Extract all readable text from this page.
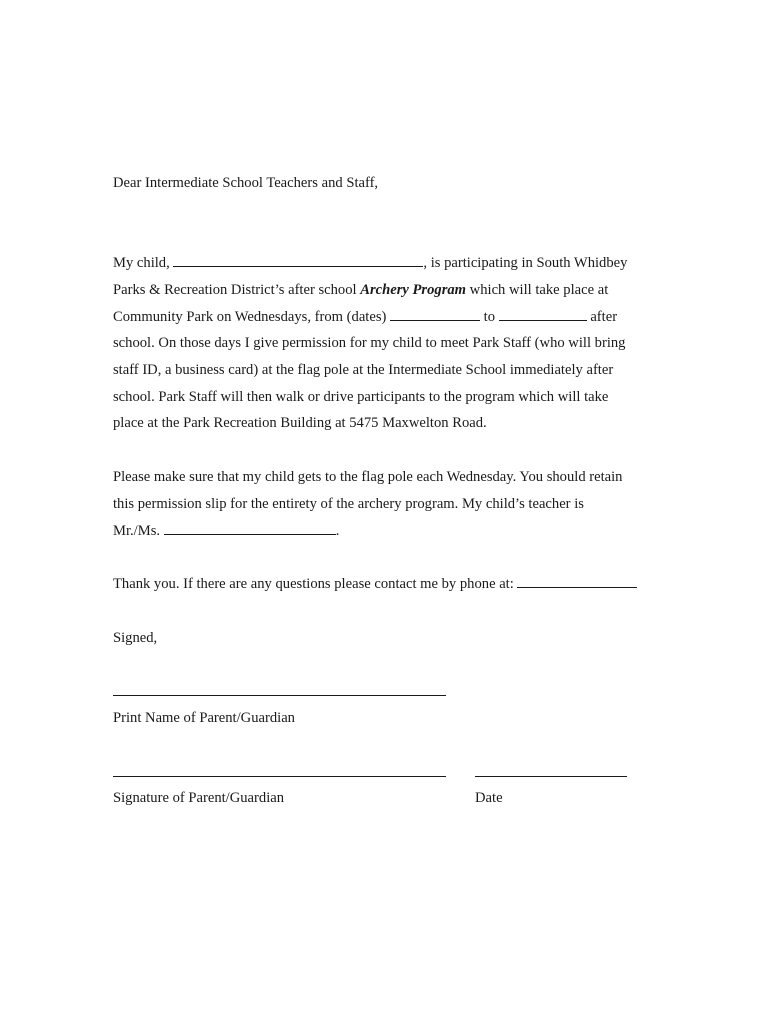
Dear Intermediate School Teachers and Staff,
My child,	, is participating in South Whidbey
Parks & Recreation District’s after school Archery Program which will take place at
Community Park on Wednesdays, from (dates)	to	after
school. On those days I give permission for my child to meet Park Staff (who will bring
staff ID, a business card) at the flag pole at the Intermediate School immediately after
school. Park Staff will then walk or drive participants to the program which will take
place at the Park Recreation Building at 5475 Maxwelton Road.
Please make sure that my child gets to the flag pole each Wednesday. You should retain
this permission slip for the entirety of the archery program. My child’s teacher is
Mr./Ms.	.
Thank you. If there are any questions please contact me by phone at:
Signed,
Print Name of Parent/Guardian
Signature of Parent/Guardian	Date
